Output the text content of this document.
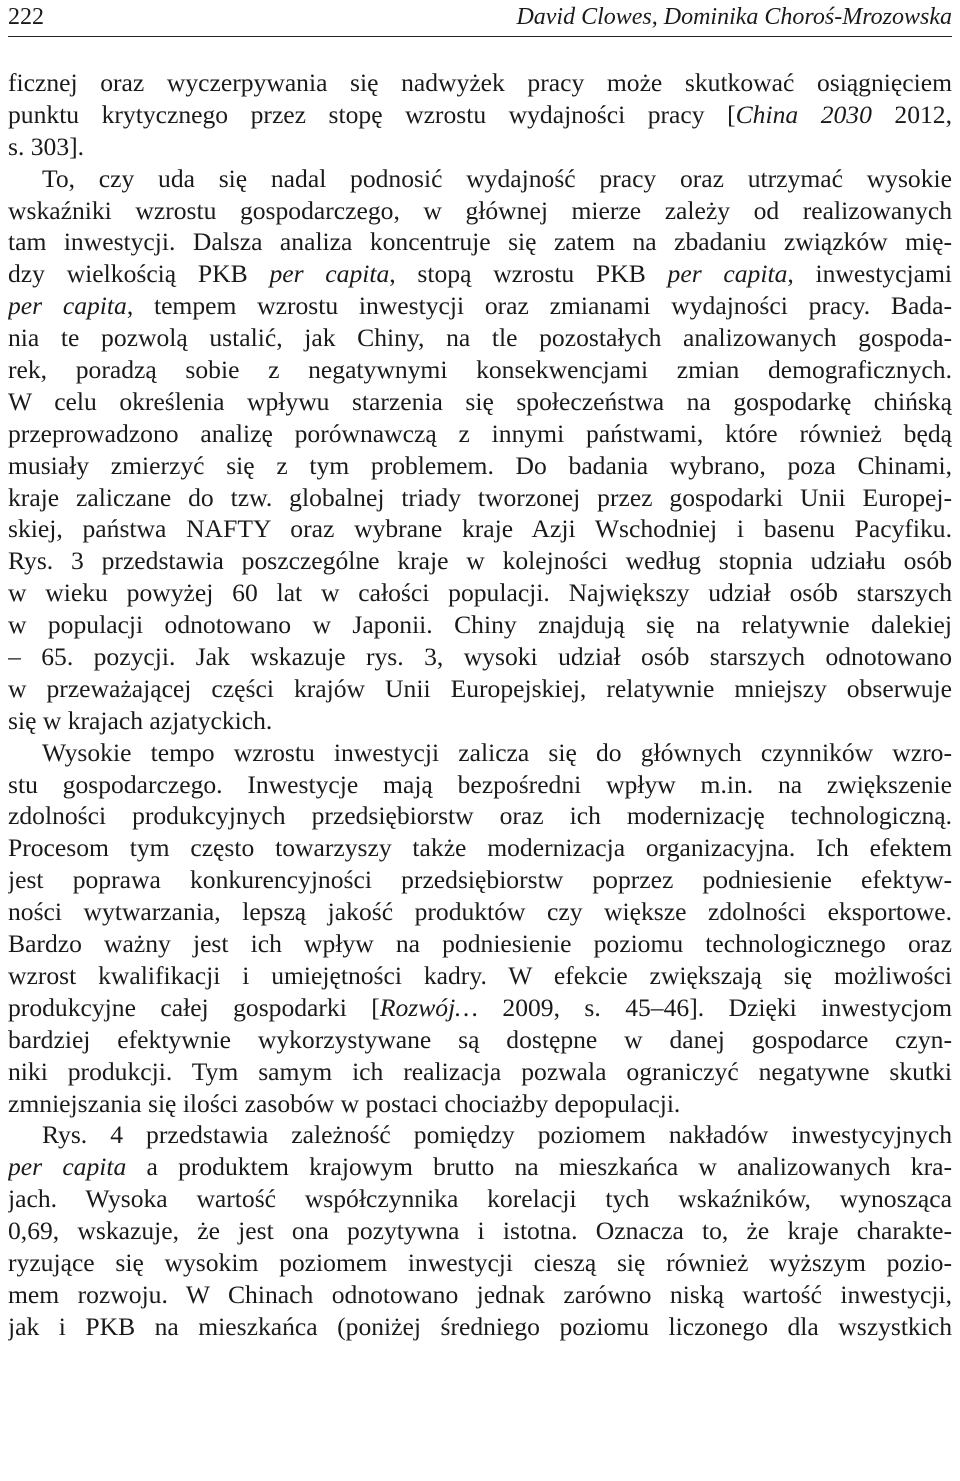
222	David Clowes, Dominika Choroś-Mrozowska
ficznej oraz wyczerpywania się nadwyżek pracy może skutkować osiągnięciem
punktu krytycznego przez stopę wzrostu wydajności pracy [China 2030 2012,
s. 303].
To, czy uda się nadal podnosić wydajność pracy oraz utrzymać wysokie
wskaźniki wzrostu gospodarczego, w głównej mierze zależy od realizowanych
tam inwestycji. Dalsza analiza koncentruje się zatem na zbadaniu związków mię-
dzy wielkością PKB per capita, stopą wzrostu PKB per capita, inwestycjami
per capita, tempem wzrostu inwestycji oraz zmianami wydajności pracy. Bada-
nia te pozwolą ustalić, jak Chiny, na tle pozostałych analizowanych gospoda-
rek, poradzą sobie z negatywnymi konsekwencjami zmian demograficznych.
W celu określenia wpływu starzenia się społeczeństwa na gospodarkę chińską
przeprowadzono analizę porównawczą z innymi państwami, które również będą
musiały zmierzyć się z tym problemem. Do badania wybrano, poza Chinami,
kraje zaliczane do tzw. globalnej triady tworzonej przez gospodarki Unii Europej-
skiej, państwa NAFTY oraz wybrane kraje Azji Wschodniej i basenu Pacyfiku.
Rys. 3 przedstawia poszczególne kraje w kolejności według stopnia udziału osób
w wieku powyżej 60 lat w całości populacji. Największy udział osób starszych
w populacji odnotowano w Japonii. Chiny znajdują się na relatywnie dalekiej
– 65. pozycji. Jak wskazuje rys. 3, wysoki udział osób starszych odnotowano
w przeważającej części krajów Unii Europejskiej, relatywnie mniejszy obserwuje
się w krajach azjatyckich.
Wysokie tempo wzrostu inwestycji zalicza się do głównych czynników wzro-
stu gospodarczego. Inwestycje mają bezpośredni wpływ m.in. na zwiększenie
zdolności produkcyjnych przedsiębiorstw oraz ich modernizację technologiczną.
Procesom tym często towarzyszy także modernizacja organizacyjna. Ich efektem
jest poprawa konkurencyjności przedsiębiorstw poprzez podniesienie efektyw-
ności wytwarzania, lepszą jakość produktów czy większe zdolności eksportowe.
Bardzo ważny jest ich wpływ na podniesienie poziomu technologicznego oraz
wzrost kwalifikacji i umiejętności kadry. W efekcie zwiększają się możliwości
produkcyjne całej gospodarki [Rozwój… 2009, s. 45–46]. Dzięki inwestycjom
bardziej efektywnie wykorzystywane są dostępne w danej gospodarce czyn-
niki produkcji. Tym samym ich realizacja pozwala ograniczyć negatywne skutki
zmniejszania się ilości zasobów w postaci chociażby depopulacji.
Rys. 4 przedstawia zależność pomiędzy poziomem nakładów inwestycyjnych
per capita a produktem krajowym brutto na mieszkańca w analizowanych kra-
jach. Wysoka wartość współczynnika korelacji tych wskaźników, wynosząca
0,69, wskazuje, że jest ona pozytywna i istotna. Oznacza to, że kraje charakte-
ryzujące się wysokim poziomem inwestycji cieszą się również wyższym pozio-
mem rozwoju. W Chinach odnotowano jednak zarówno niską wartość inwestycji,
jak i PKB na mieszkańca (poniżej średniego poziomu liczonego dla wszystkich
